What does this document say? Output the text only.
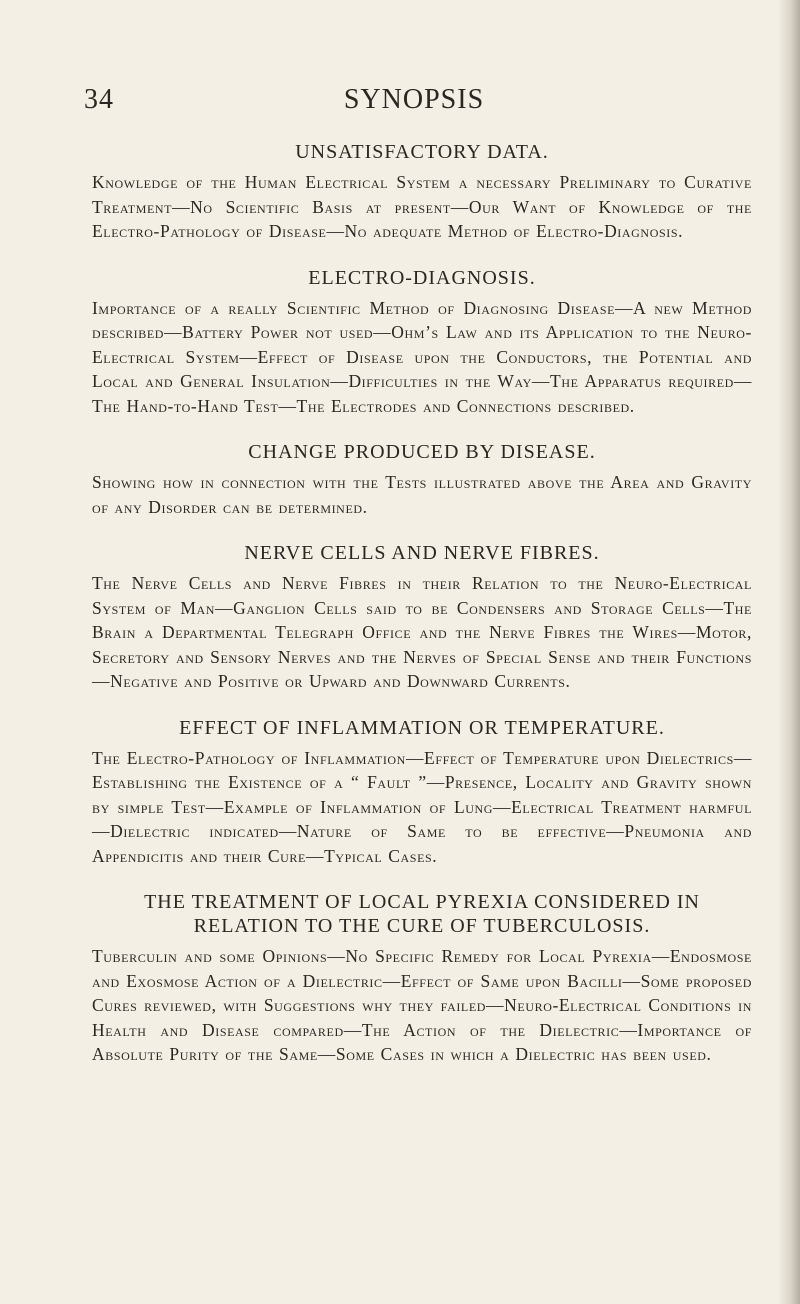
34	SYNOPSIS
UNSATISFACTORY DATA.

Knowledge of the Human Electrical System a necessary Preliminary to Curative Treatment—No Scientific Basis at present—Our Want of Knowledge of the Electro-Pathology of Disease—No adequate Method of Electro-Diagnosis.

ELECTRO-DIAGNOSIS.

Importance of a really Scientific Method of Diagnosing Disease—A new Method described—Battery Power not used—Ohm’s Law and its Application to the Neuro-Electrical System—Effect of Disease upon the Conductors, the Potential and Local and General Insulation—Difficulties in the Way—The Apparatus required—The Hand-to-Hand Test—The Electrodes and Connections described.

CHANGE PRODUCED BY DISEASE.

Showing how in connection with the Tests illustrated above the Area and Gravity of any Disorder can be determined.

NERVE CELLS AND NERVE FIBRES.

The Nerve Cells and Nerve Fibres in their Relation to the Neuro-Electrical System of Man—Ganglion Cells said to be Condensers and Storage Cells—The Brain a Departmental Telegraph Office and the Nerve Fibres the Wires—Motor, Secretory and Sensory Nerves and the Nerves of Special Sense and their Functions—Negative and Positive or Upward and Downward Currents.

EFFECT OF INFLAMMATION OR TEMPERATURE.

The Electro-Pathology of Inflammation—Effect of Temperature upon Dielectrics—Establishing the Existence of a “ Fault ”—Presence, Locality and Gravity shown by simple Test—Example of Inflammation of Lung—Electrical Treatment harmful—Dielectric indicated—Nature of Same to be effective—Pneumonia and Appendicitis and their Cure—Typical Cases.

THE TREATMENT OF LOCAL PYREXIA CONSIDERED IN RELATION TO THE CURE OF TUBERCULOSIS.

Tuberculin and some Opinions—No Specific Remedy for Local Pyrexia—Endosmose and Exosmose Action of a Dielectric—Effect of Same upon Bacilli—Some proposed Cures reviewed, with Suggestions why they failed—Neuro-Electrical Conditions in Health and Disease compared—The Action of the Dielectric—Importance of Absolute Purity of the Same—Some Cases in which a Dielectric has been used.
